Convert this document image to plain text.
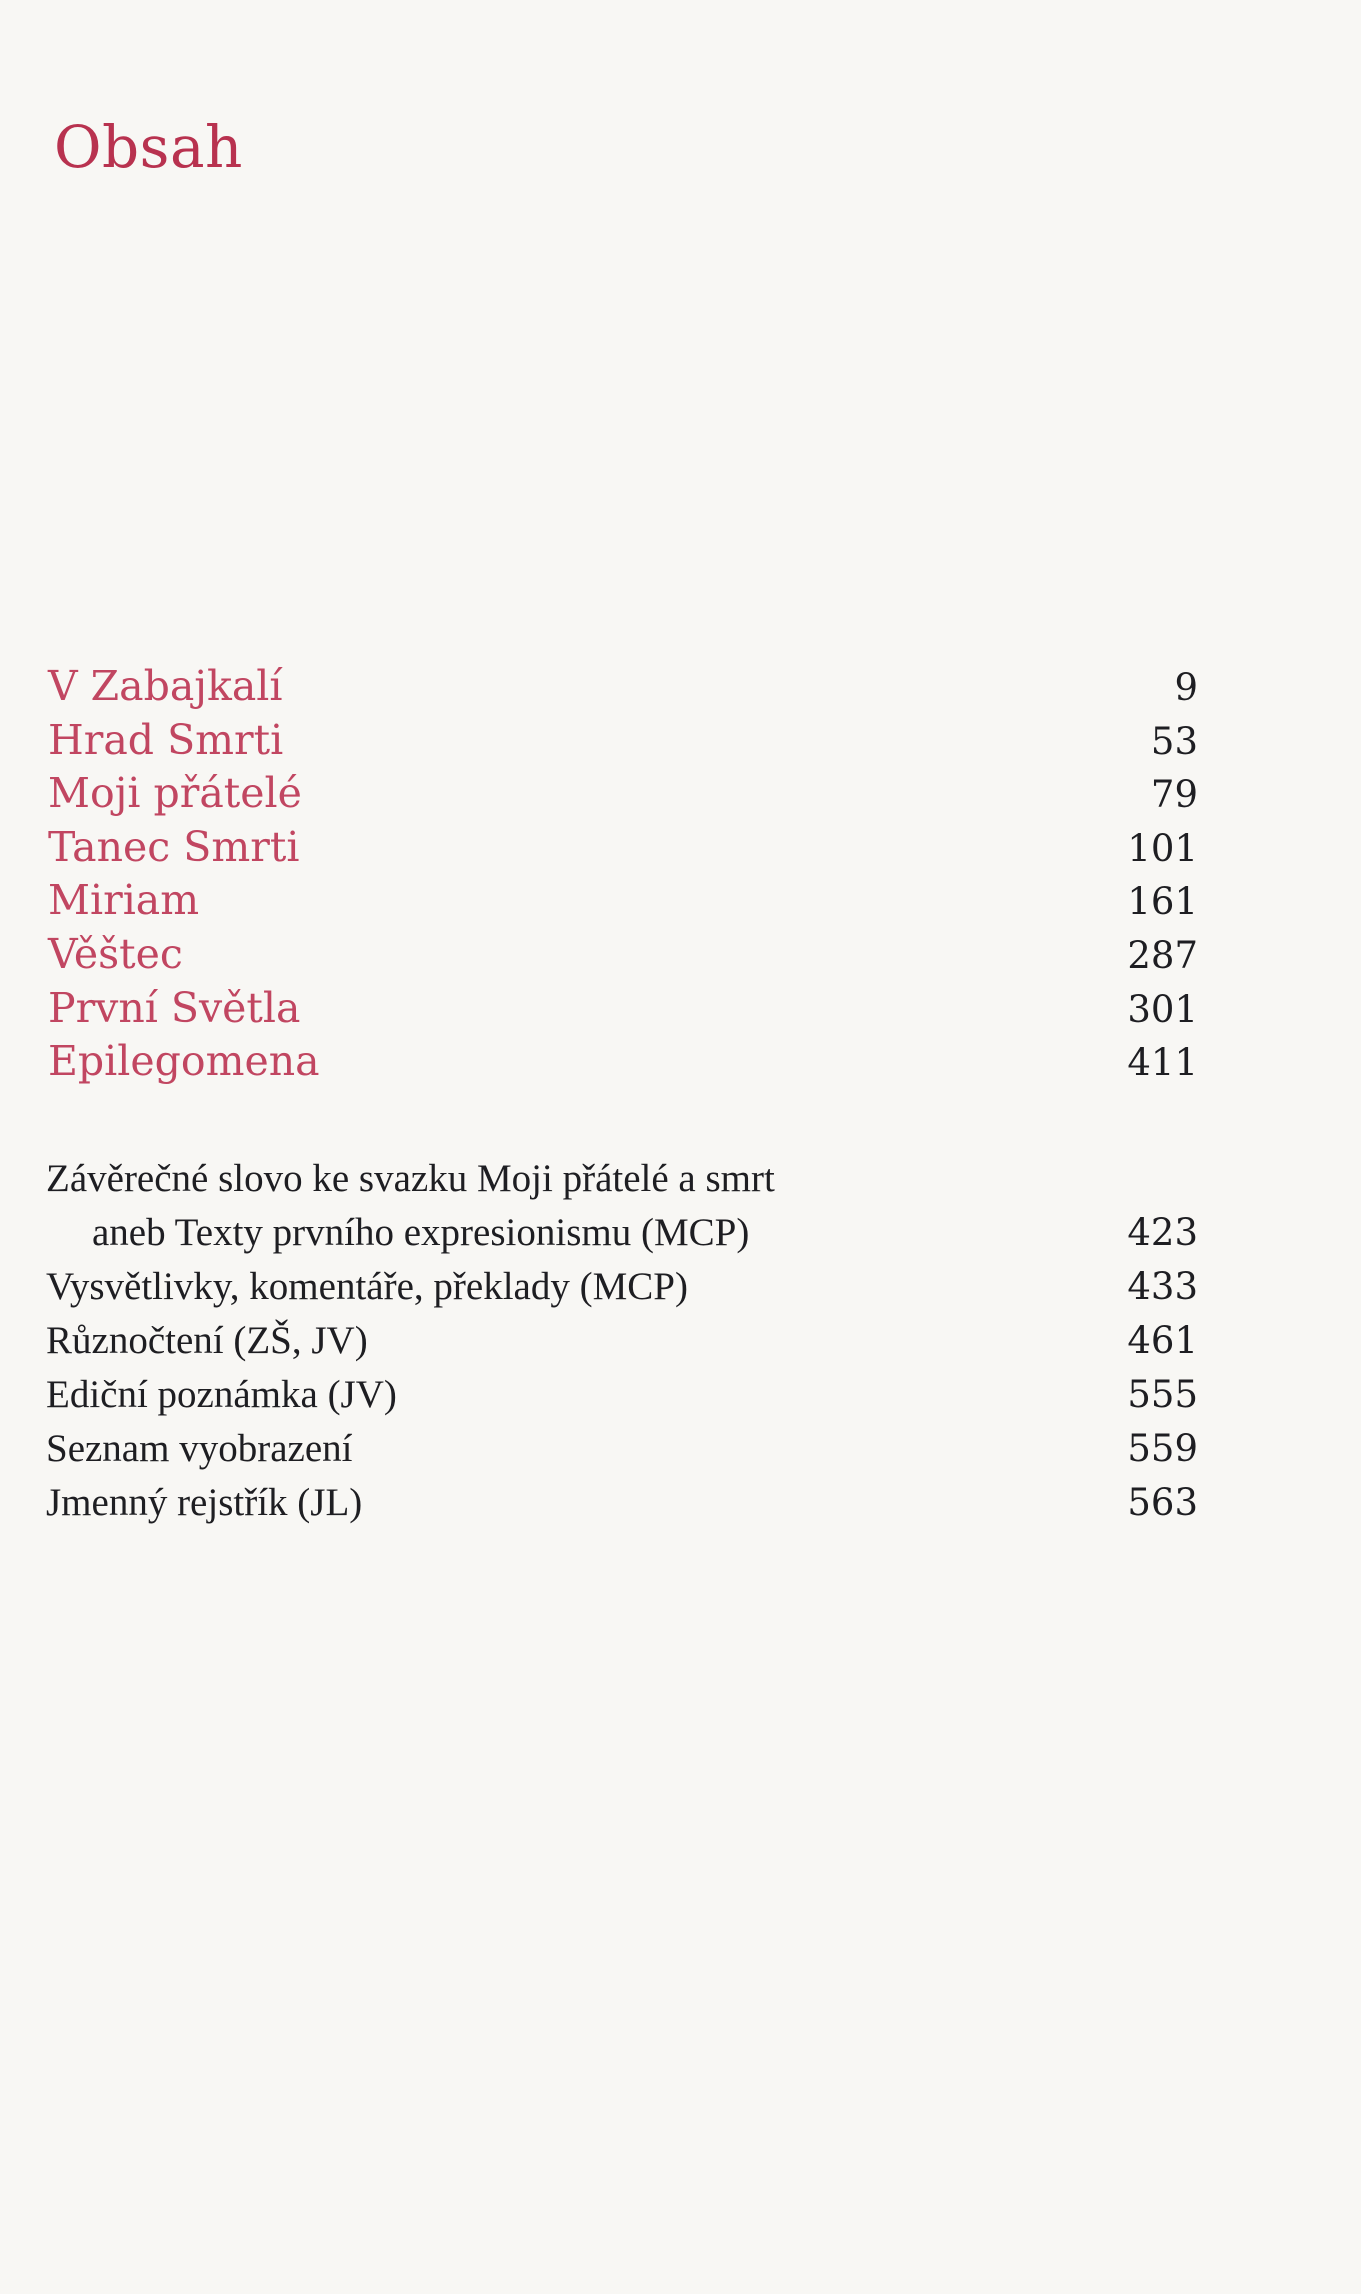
Obsah
V Zabajkalí	9
Hrad Smrti	53
Moji přátelé	79
Tanec Smrti	101
Miriam	161
Věštec	287
První Světla	301
Epilegomena	411
Závěrečné slovo ke svazku Moji přátelé a smrt
aneb Texty prvního expresionismu (MCP)	423
Vysvětlivky, komentáře, překlady (MCP)	433
Různočtení (ZŠ, JV)	461
Ediční poznámka (JV)	555
Seznam vyobrazení	559
Jmenný rejstřík (JL)	563
